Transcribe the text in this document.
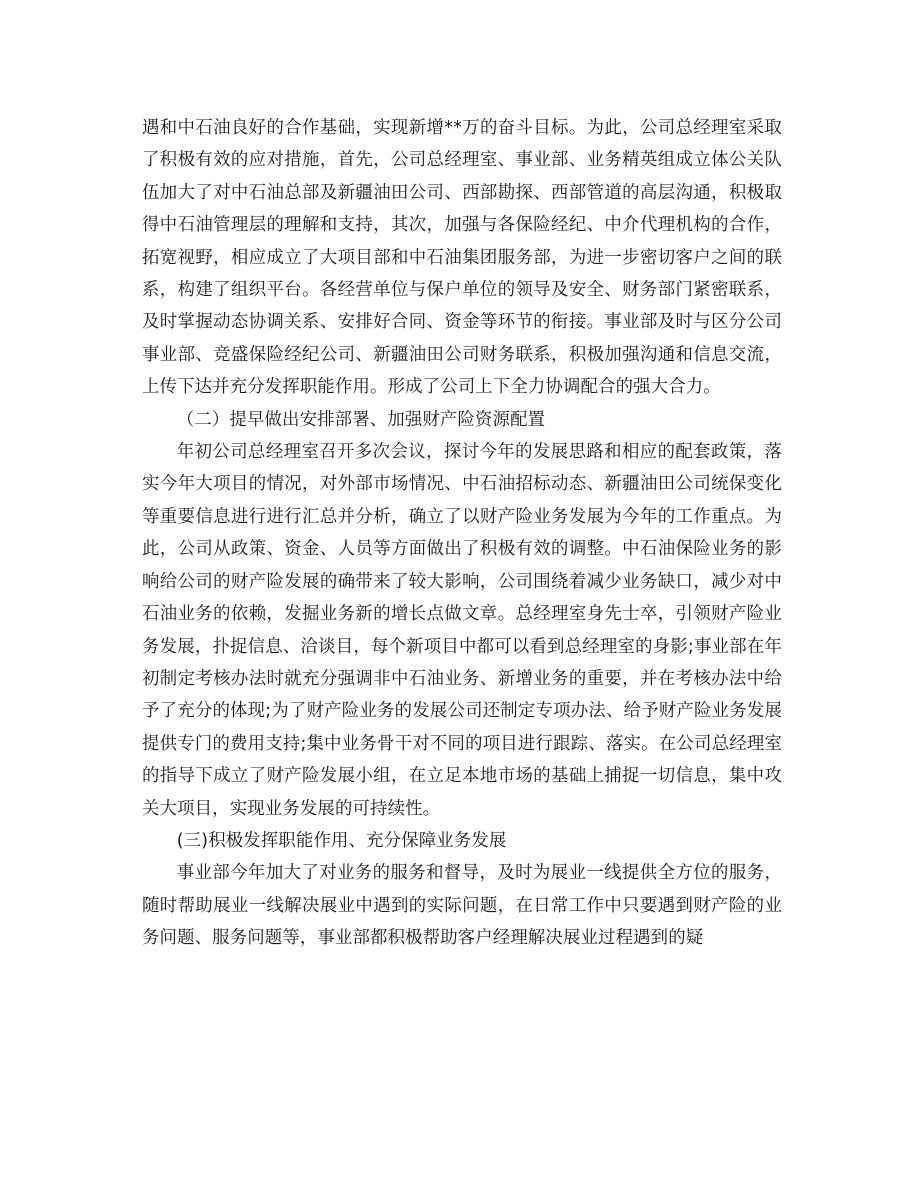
遇和中石油良好的合作基础，实现新增**万的奋斗目标。为此，公司总经理室采取了积极有效的应对措施，首先，公司总经理室、事业部、业务精英组成立体公关队伍加大了对中石油总部及新疆油田公司、西部勘探、西部管道的高层沟通，积极取得中石油管理层的理解和支持，其次，加强与各保险经纪、中介代理机构的合作，拓宽视野，相应成立了大项目部和中石油集团服务部，为进一步密切客户之间的联系，构建了组织平台。各经营单位与保户单位的领导及安全、财务部门紧密联系，及时掌握动态协调关系、安排好合同、资金等环节的衔接。事业部及时与区分公司事业部、竞盛保险经纪公司、新疆油田公司财务联系，积极加强沟通和信息交流，上传下达并充分发挥职能作用。形成了公司上下全力协调配合的强大合力。

（二）提早做出安排部署、加强财产险资源配置

年初公司总经理室召开多次会议，探讨今年的发展思路和相应的配套政策，落实今年大项目的情况，对外部市场情况、中石油招标动态、新疆油田公司统保变化等重要信息进行进行汇总并分析，确立了以财产险业务发展为今年的工作重点。为此，公司从政策、资金、人员等方面做出了积极有效的调整。中石油保险业务的影响给公司的财产险发展的确带来了较大影响，公司围绕着减少业务缺口，减少对中石油业务的依赖，发掘业务新的增长点做文章。总经理室身先士卒，引领财产险业务发展，扑捉信息、洽谈目，每个新项目中都可以看到总经理室的身影;事业部在年初制定考核办法时就充分强调非中石油业务、新增业务的重要，并在考核办法中给予了充分的体现;为了财产险业务的发展公司还制定专项办法、给予财产险业务发展提供专门的费用支持;集中业务骨干对不同的项目进行跟踪、落实。在公司总经理室的指导下成立了财产险发展小组，在立足本地市场的基础上捕捉一切信息，集中攻关大项目，实现业务发展的可持续性。

(三)积极发挥职能作用、充分保障业务发展

事业部今年加大了对业务的服务和督导，及时为展业一线提供全方位的服务，随时帮助展业一线解决展业中遇到的实际问题，在日常工作中只要遇到财产险的业务问题、服务问题等，事业部都积极帮助客户经理解决展业过程遇到的疑
